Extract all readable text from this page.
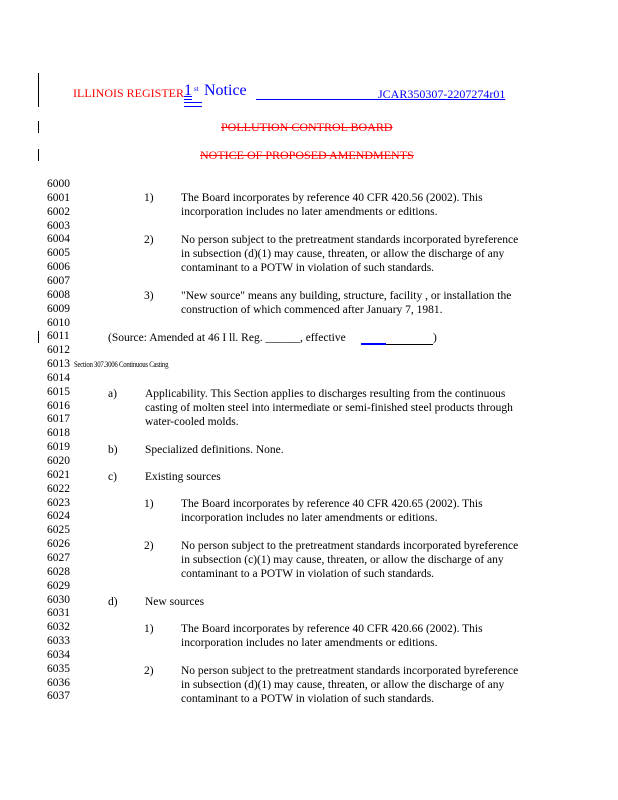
ILLINOIS REGISTER 1 st Notice	JCAR350307-2207274r01
POLLUTION CONTROL BOARD
NOTICE OF PROPOSED AMENDMENTS
6000
6001
6002
6003
6004
6005
6006
6007
6008
6009
6010
6011
6012
6013
6014
6015
6016
6017
6018
6019
6020
6021
6022
6023
6024
6025
6026
6027
6028
6029
6030
6031
6032
6033
6034
6035
6036
6037
1) The Board incorporates by reference 40 CFR 420.56 (2002). This
incorporation includes no later amendments or editions.
2) No person subject to the pretreatment standards incorporated byreference
in subsection (d)(1) may cause, threaten, or allow the discharge of any
contaminant to a POTW in violation of such standards.
3) "New source" means any building, structure, facility , or installation the
construction of which commenced after January 7, 1981.
(Source: Amended at 46 I ll. Reg. ______, effective	)
Section 307.3006 Continuous Casting
a) Applicability. This Section applies to discharges resulting from the continuous
casting of molten steel into intermediate or semi-finished steel products through
water-cooled molds.
b) Specialized definitions. None.
c) Existing sources
1) The Board incorporates by reference 40 CFR 420.65 (2002). This
incorporation includes no later amendments or editions.
2) No person subject to the pretreatment standards incorporated byreference
in subsection (c)(1) may cause, threaten, or allow the discharge of any
contaminant to a POTW in violation of such standards.
d) New sources
1) The Board incorporates by reference 40 CFR 420.66 (2002). This
incorporation includes no later amendments or editions.
2) No person subject to the pretreatment standards incorporated byreference
in subsection (d)(1) may cause, threaten, or allow the discharge of any
contaminant to a POTW in violation of such standards.
